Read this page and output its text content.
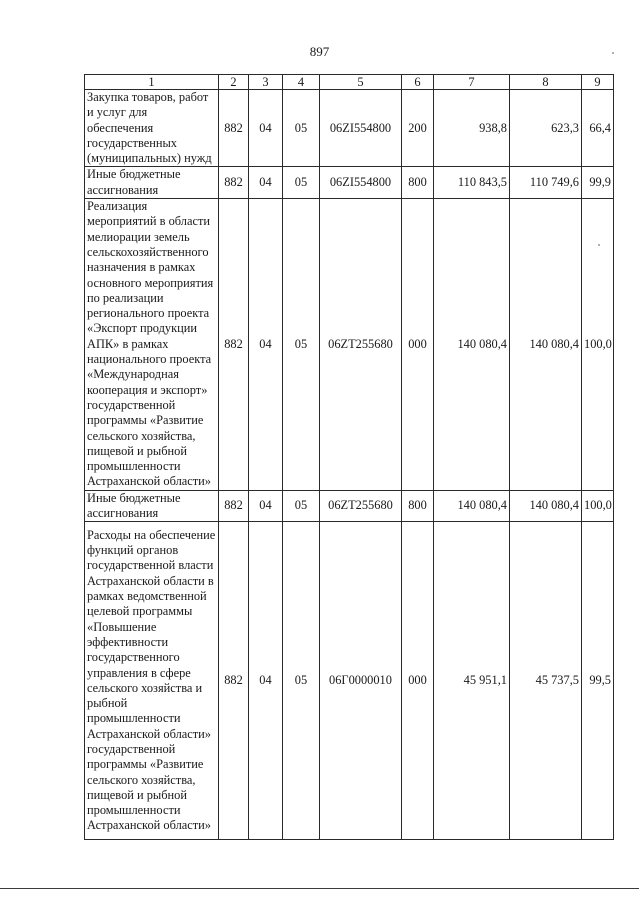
897
1	2	3	4	5	6	7	8	9
Закупка товаров, работ и услуг для обеспечения государственных (муниципальных) нужд	882	04	05	06ZI554800	200	938,8	623,3	66,4
Иные бюджетные ассигнования	882	04	05	06ZI554800	800	110 843,5	110 749,6	99,9
Реализация мероприятий в области мелиорации земель сельскохозяйственного назначения в рамках основного мероприятия по реализации регионального проекта «Экспорт продукции АПК» в рамках национального проекта «Международная кооперация и экспорт» государственной программы «Развитие сельского хозяйства, пищевой и рыбной промышленности Астраханской области»	882	04	05	06ZT255680	000	140 080,4	140 080,4	100,0
Иные бюджетные ассигнования	882	04	05	06ZT255680	800	140 080,4	140 080,4	100,0
Расходы на обеспечение функций органов государственной власти Астраханской области в рамках ведомственной целевой программы «Повышение эффективности государственного управления в сфере сельского хозяйства и рыбной промышленности Астраханской области» государственной программы «Развитие сельского хозяйства, пищевой и рыбной промышленности Астраханской области»	882	04	05	06Г0000010	000	45 951,1	45 737,5	99,5
